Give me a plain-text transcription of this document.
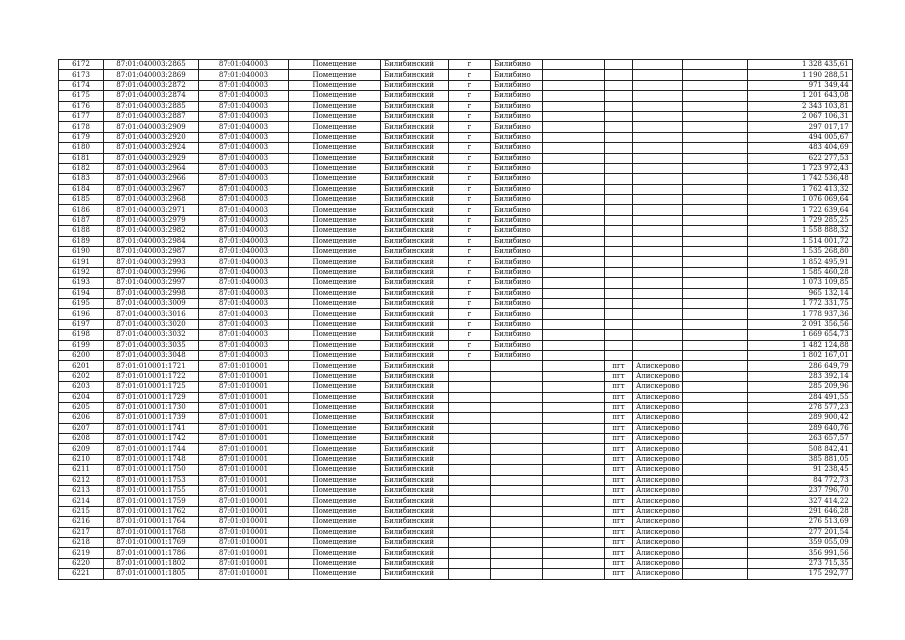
6172	87:01:040003:2865	87:01:040003	Помещение	Билибинский	г	Билибино					1 328 435,61
6173	87:01:040003:2869	87:01:040003	Помещение	Билибинский	г	Билибино					1 190 288,51
6174	87:01:040003:2872	87:01:040003	Помещение	Билибинский	г	Билибино					971 349,44
6175	87:01:040003:2874	87:01:040003	Помещение	Билибинский	г	Билибино					1 201 643,08
6176	87:01:040003:2885	87:01:040003	Помещение	Билибинский	г	Билибино					2 343 103,81
6177	87:01:040003:2887	87:01:040003	Помещение	Билибинский	г	Билибино					2 067 106,31
6178	87:01:040003:2909	87:01:040003	Помещение	Билибинский	г	Билибино					297 017,17
6179	87:01:040003:2920	87:01:040003	Помещение	Билибинский	г	Билибино					494 005,67
6180	87:01:040003:2924	87:01:040003	Помещение	Билибинский	г	Билибино					483 404,69
6181	87:01:040003:2929	87:01:040003	Помещение	Билибинский	г	Билибино					622 277,53
6182	87:01:040003:2964	87:01:040003	Помещение	Билибинский	г	Билибино					1 723 972,43
6183	87:01:040003:2966	87:01:040003	Помещение	Билибинский	г	Билибино					1 742 536,48
6184	87:01:040003:2967	87:01:040003	Помещение	Билибинский	г	Билибино					1 762 413,32
6185	87:01:040003:2968	87:01:040003	Помещение	Билибинский	г	Билибино					1 076 069,64
6186	87:01:040003:2971	87:01:040003	Помещение	Билибинский	г	Билибино					1 722 639,64
6187	87:01:040003:2979	87:01:040003	Помещение	Билибинский	г	Билибино					1 729 285,25
6188	87:01:040003:2982	87:01:040003	Помещение	Билибинский	г	Билибино					1 558 888,32
6189	87:01:040003:2984	87:01:040003	Помещение	Билибинский	г	Билибино					1 514 001,72
6190	87:01:040003:2987	87:01:040003	Помещение	Билибинский	г	Билибино					1 535 268,80
6191	87:01:040003:2993	87:01:040003	Помещение	Билибинский	г	Билибино					1 852 495,91
6192	87:01:040003:2996	87:01:040003	Помещение	Билибинский	г	Билибино					1 585 460,28
6193	87:01:040003:2997	87:01:040003	Помещение	Билибинский	г	Билибино					1 073 109,85
6194	87:01:040003:2998	87:01:040003	Помещение	Билибинский	г	Билибино					965 132,14
6195	87:01:040003:3009	87:01:040003	Помещение	Билибинский	г	Билибино					1 772 331,75
6196	87:01:040003:3016	87:01:040003	Помещение	Билибинский	г	Билибино					1 778 937,36
6197	87:01:040003:3020	87:01:040003	Помещение	Билибинский	г	Билибино					2 091 356,56
6198	87:01:040003:3032	87:01:040003	Помещение	Билибинский	г	Билибино					1 669 654,73
6199	87:01:040003:3035	87:01:040003	Помещение	Билибинский	г	Билибино					1 482 124,88
6200	87:01:040003:3048	87:01:040003	Помещение	Билибинский	г	Билибино					1 802 167,01
6201	87:01:010001:1721	87:01:010001	Помещение	Билибинский				пгт	Алискерово		286 649,79
6202	87:01:010001:1722	87:01:010001	Помещение	Билибинский				пгт	Алискерово		283 392,14
6203	87:01:010001:1725	87:01:010001	Помещение	Билибинский				пгт	Алискерово		285 209,96
6204	87:01:010001:1729	87:01:010001	Помещение	Билибинский				пгт	Алискерово		284 491,55
6205	87:01:010001:1730	87:01:010001	Помещение	Билибинский				пгт	Алискерово		278 577,23
6206	87:01:010001:1739	87:01:010001	Помещение	Билибинский				пгт	Алискерово		289 900,42
6207	87:01:010001:1741	87:01:010001	Помещение	Билибинский				пгт	Алискерово		289 640,76
6208	87:01:010001:1742	87:01:010001	Помещение	Билибинский				пгт	Алискерово		263 657,57
6209	87:01:010001:1744	87:01:010001	Помещение	Билибинский				пгт	Алискерово		508 842,41
6210	87:01:010001:1748	87:01:010001	Помещение	Билибинский				пгт	Алискерово		385 881,05
6211	87:01:010001:1750	87:01:010001	Помещение	Билибинский				пгт	Алискерово		91 238,45
6212	87:01:010001:1753	87:01:010001	Помещение	Билибинский				пгт	Алискерово		84 772,73
6213	87:01:010001:1755	87:01:010001	Помещение	Билибинский				пгт	Алискерово		237 796,70
6214	87:01:010001:1759	87:01:010001	Помещение	Билибинский				пгт	Алискерово		327 414,22
6215	87:01:010001:1762	87:01:010001	Помещение	Билибинский				пгт	Алискерово		291 646,28
6216	87:01:010001:1764	87:01:010001	Помещение	Билибинский				пгт	Алискерово		276 513,69
6217	87:01:010001:1768	87:01:010001	Помещение	Билибинский				пгт	Алискерово		277 201,54
6218	87:01:010001:1769	87:01:010001	Помещение	Билибинский				пгт	Алискерово		359 055,09
6219	87:01:010001:1786	87:01:010001	Помещение	Билибинский				пгт	Алискерово		356 991,56
6220	87:01:010001:1802	87:01:010001	Помещение	Билибинский				пгт	Алискерово		273 715,35
6221	87:01:010001:1805	87:01:010001	Помещение	Билибинский				пгт	Алискерово		175 292,77
